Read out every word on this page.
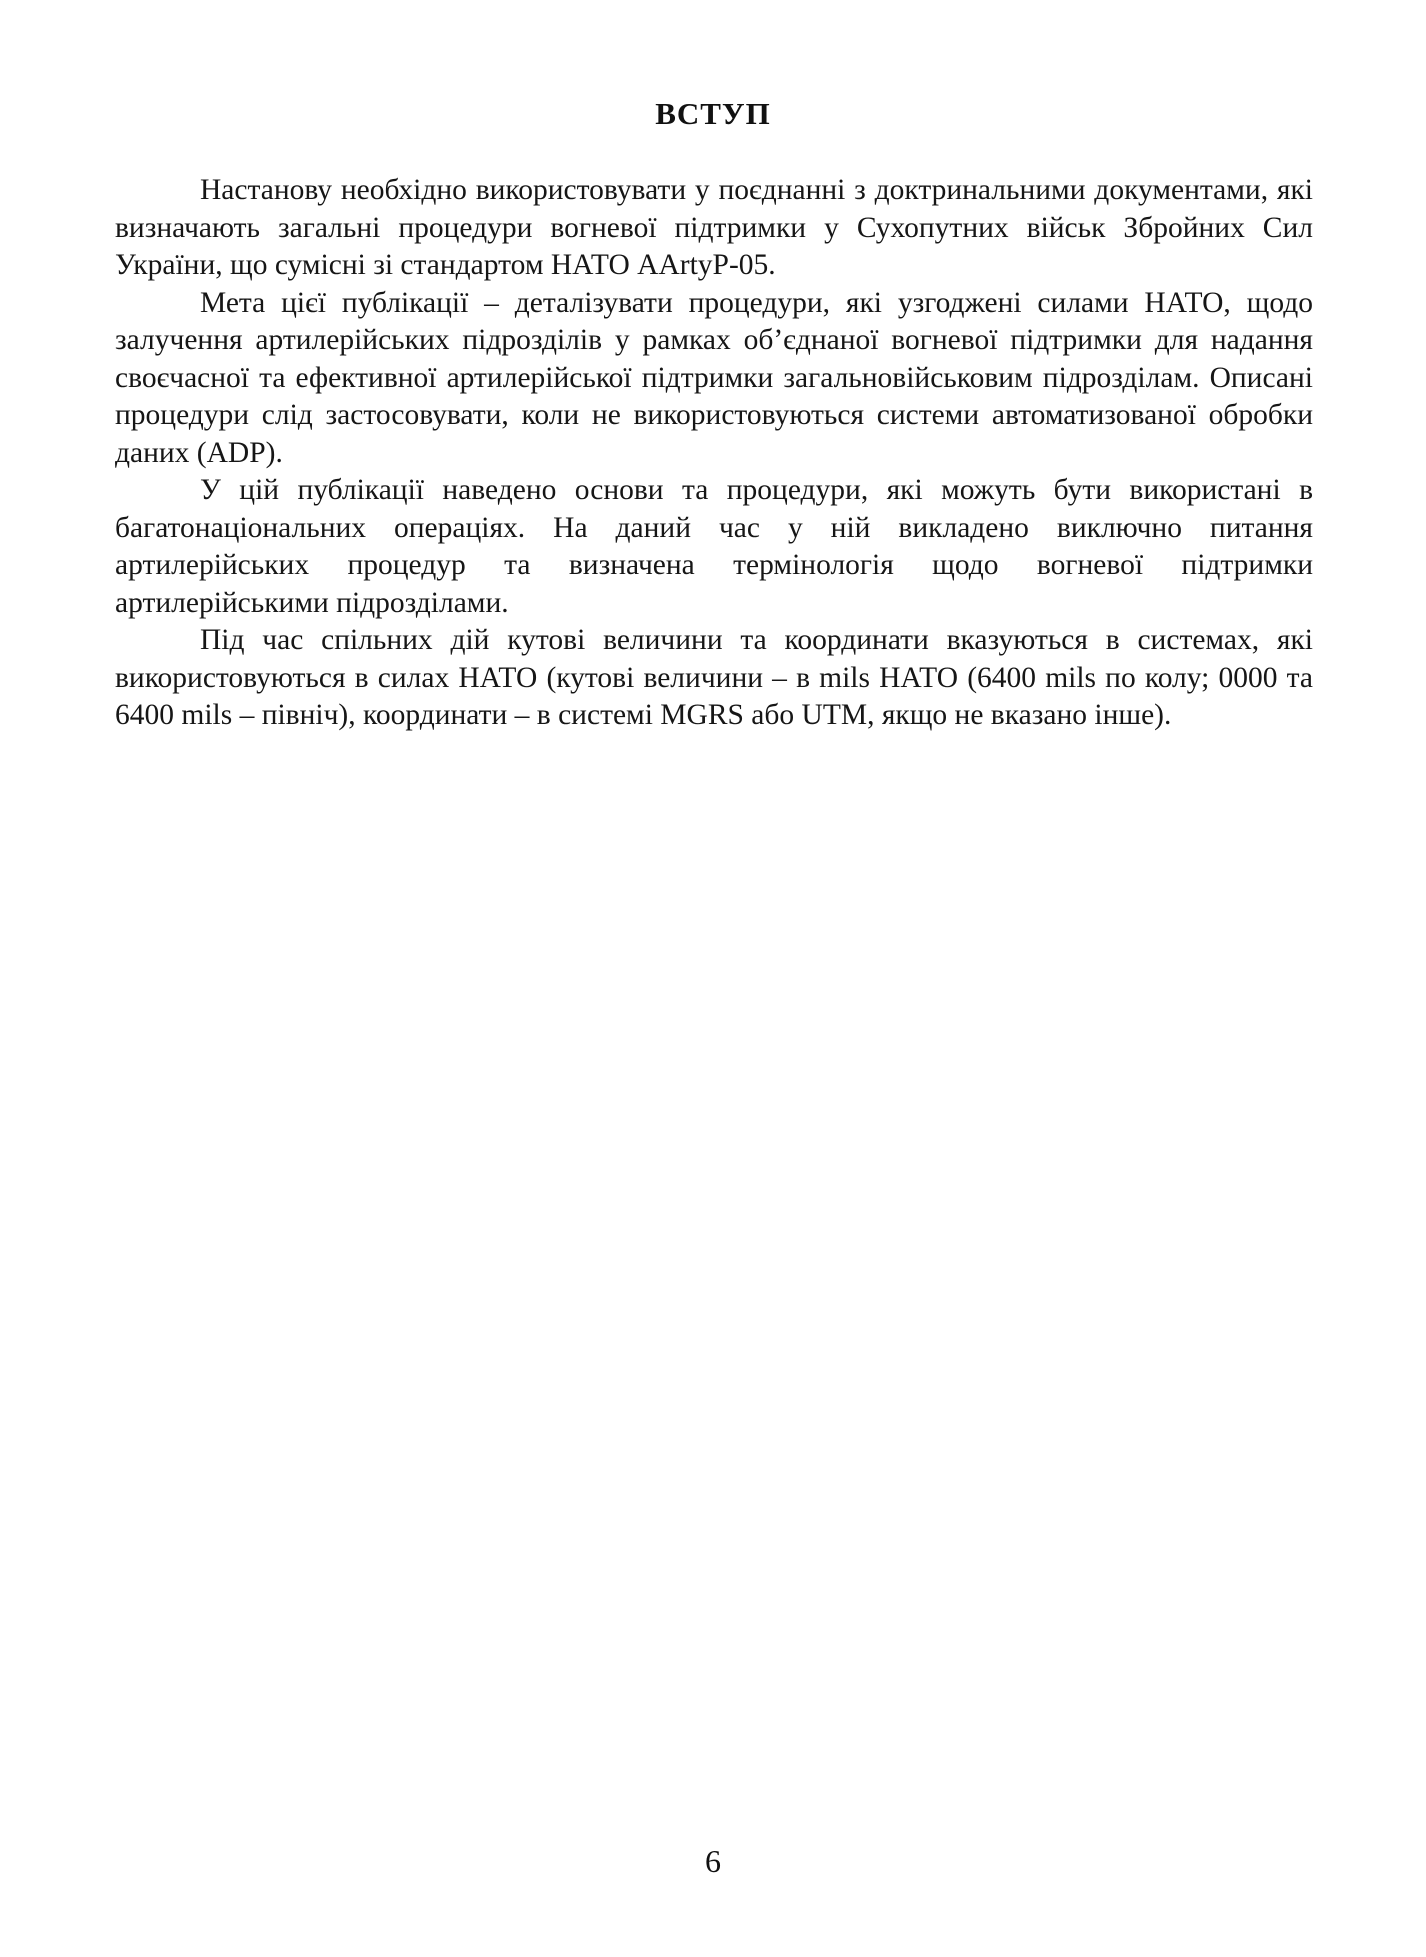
ВСТУП

Настанову необхідно використовувати у поєднанні з доктринальними документами, які визначають загальні процедури вогневої підтримки у Сухопутних військ Збройних Сил України, що сумісні зі стандартом НАТО AArtyP-05.

Мета цієї публікації – деталізувати процедури, які узгоджені силами НАТО, щодо залучення артилерійських підрозділів у рамках об’єднаної вогневої підтримки для надання своєчасної та ефективної артилерійської підтримки загальновійськовим підрозділам. Описані процедури слід застосовувати, коли не використовуються системи автоматизованої обробки даних (ADP).

У цій публікації наведено основи та процедури, які можуть бути використані в багатонаціональних операціях. На даний час у ній викладено виключно питання артилерійських процедур та визначена термінологія щодо вогневої підтримки артилерійськими підрозділами.

Під час спільних дій кутові величини та координати вказуються в системах, які використовуються в силах НАТО (кутові величини – в mils НАТО (6400 mils по колу; 0000 та 6400 mils – північ), координати – в системі MGRS або UTM, якщо не вказано інше).

6
